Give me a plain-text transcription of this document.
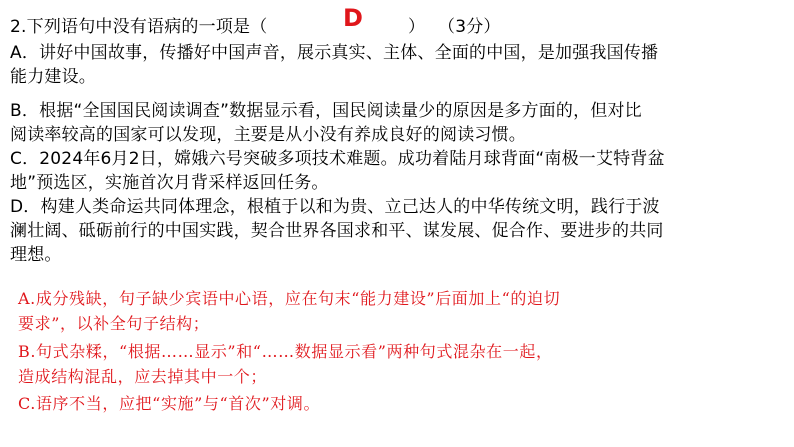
2.下列语句中没有语病的一项是（	D	） （3分）
A．讲好中国故事，传播好中国声音，展示真实、主体、全面的中国，是加强我国传播
能力建设。
B．根据“全国国民阅读调查”数据显示看，国民阅读量少的原因是多方面的，但对比
阅读率较高的国家可以发现，主要是从小没有养成良好的阅读习惯。
C．2024年6月2日，嫦娥六号突破多项技术难题。成功着陆月球背面“南极一艾特背盆
地”预选区，实施首次月背采样返回任务。
D．构建人类命运共同体理念，根植于以和为贵、立己达人的中华传统文明，践行于波
澜壮阔、砥砺前行的中国实践，契合世界各国求和平、谋发展、促合作、要进步的共同
理想。
A.成分残缺，句子缺少宾语中心语，应在句末“能力建设”后面加上“的迫切
要求”，以补全句子结构；
B.句式杂糅，“根据……显示”和“……数据显示看”两种句式混杂在一起，
造成结构混乱，应去掉其中一个；
C.语序不当，应把“实施”与“首次”对调。
